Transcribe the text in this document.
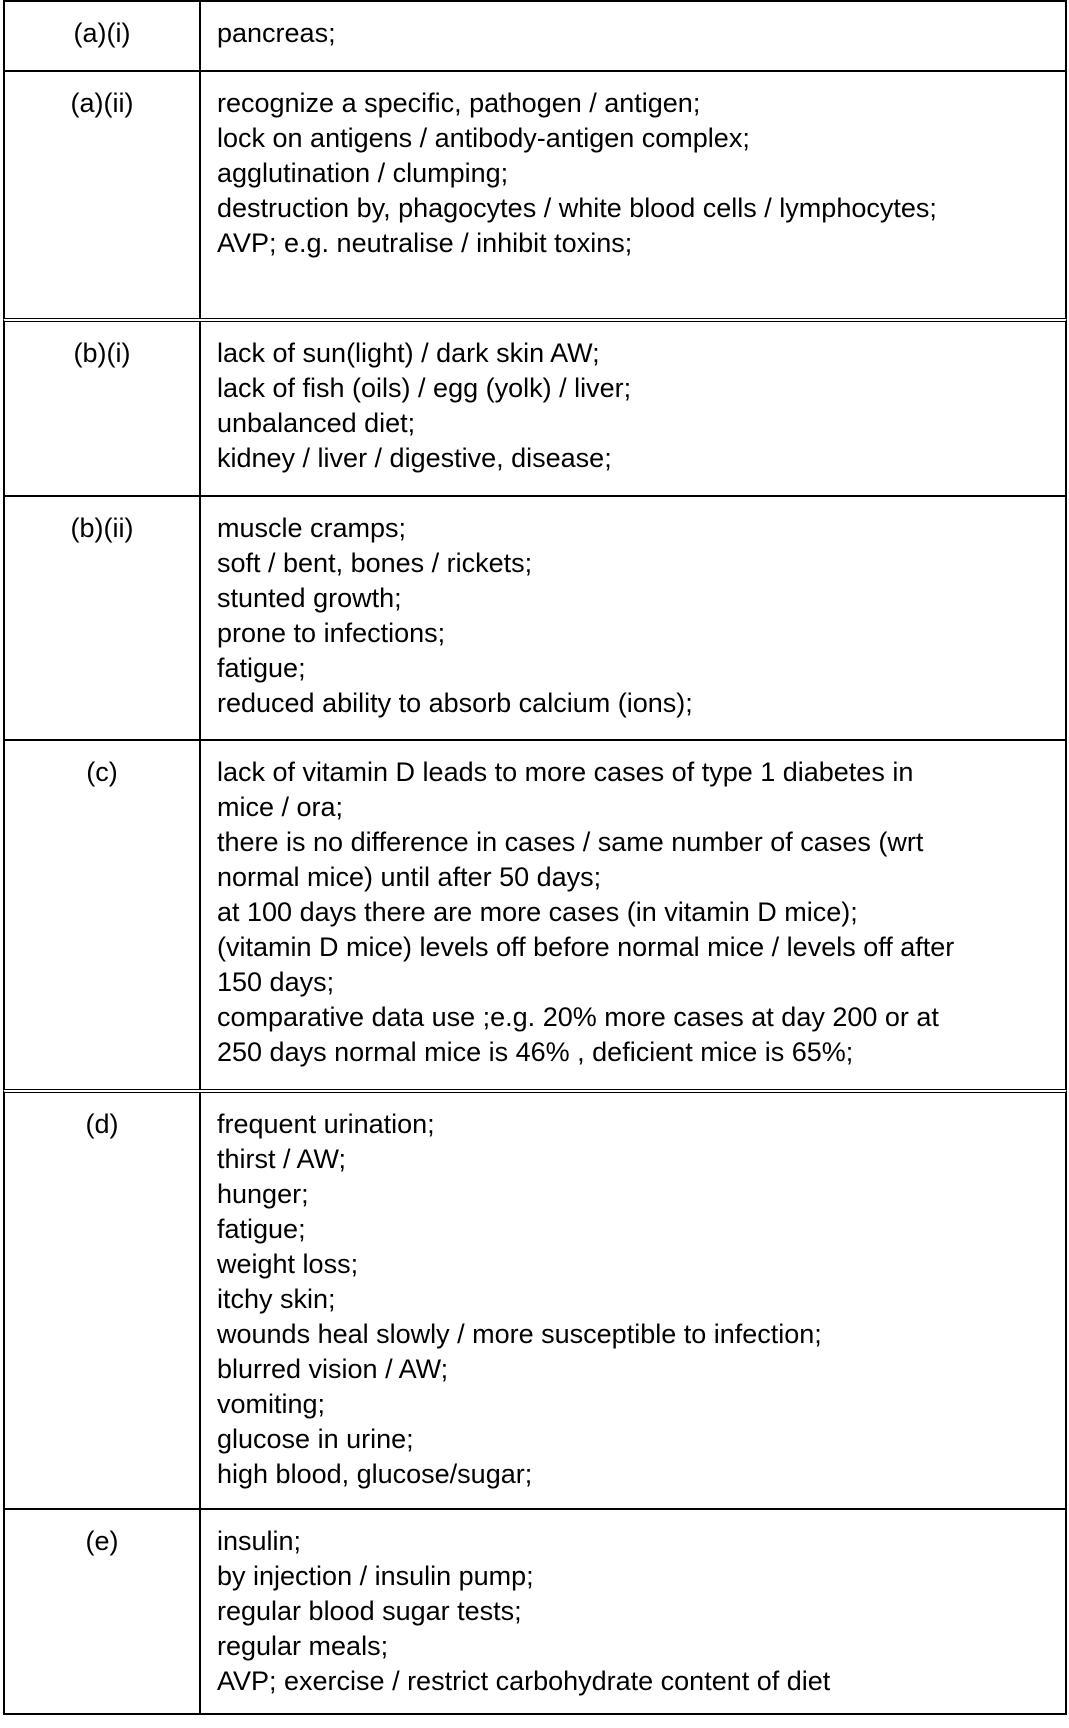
(a)(i)	pancreas;
(a)(ii)	recognize a specific, pathogen / antigen;
lock on antigens / antibody-antigen complex;
agglutination / clumping;
destruction by, phagocytes / white blood cells / lymphocytes;
AVP; e.g. neutralise / inhibit toxins;
(b)(i)	lack of sun(light) / dark skin AW;
lack of fish (oils) / egg (yolk) / liver;
unbalanced diet;
kidney / liver / digestive, disease;
(b)(ii)	muscle cramps;
soft / bent, bones / rickets;
stunted growth;
prone to infections;
fatigue;
reduced ability to absorb calcium (ions);
(c)	lack of vitamin D leads to more cases of type 1 diabetes in
mice / ora;
there is no difference in cases / same number of cases (wrt
normal mice) until after 50 days;
at 100 days there are more cases (in vitamin D mice);
(vitamin D mice) levels off before normal mice / levels off after
150 days;
comparative data use ;e.g. 20% more cases at day 200 or at
250 days normal mice is 46% , deficient mice is 65%;
(d)	frequent urination;
thirst / AW;
hunger;
fatigue;
weight loss;
itchy skin;
wounds heal slowly / more susceptible to infection;
blurred vision / AW;
vomiting;
glucose in urine;
high blood, glucose/sugar;
(e)	insulin;
by injection / insulin pump;
regular blood sugar tests;
regular meals;
AVP; exercise / restrict carbohydrate content of diet
